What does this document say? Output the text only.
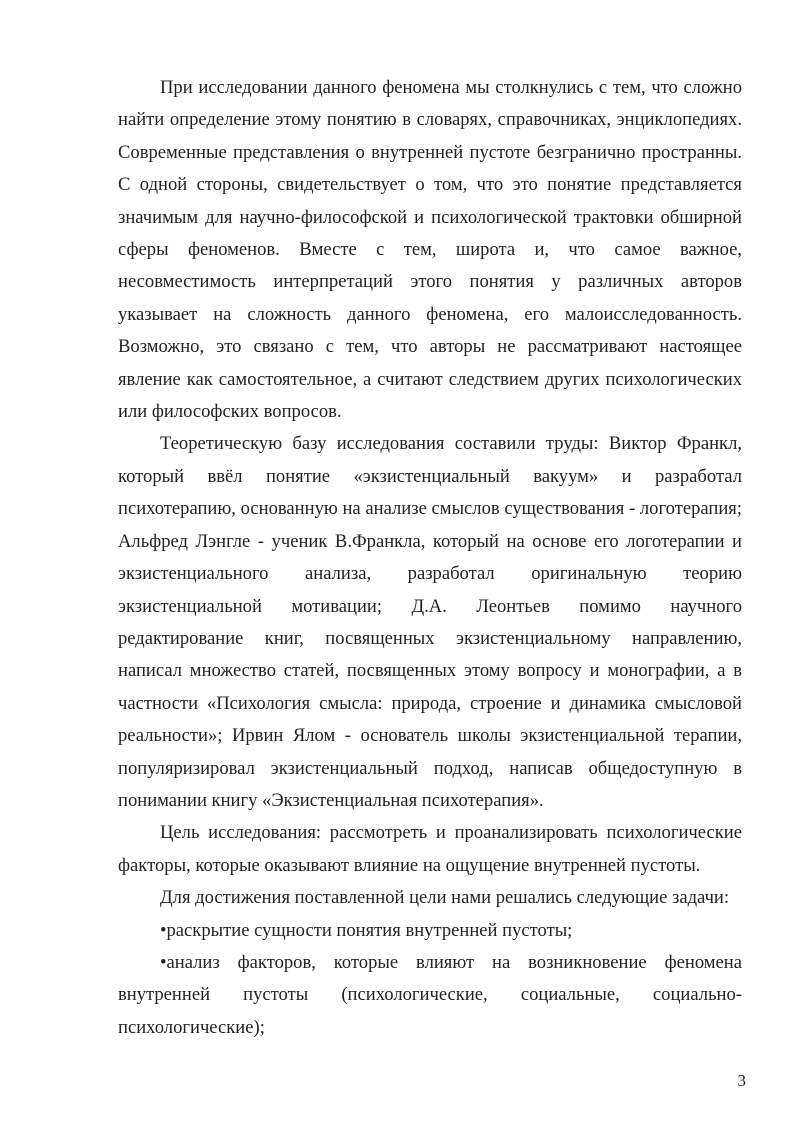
При исследовании данного феномена мы столкнулись с тем, что сложно найти определение этому понятию в словарях, справочниках, энциклопедиях. Современные представления о внутренней пустоте безгранично пространны. С одной стороны, свидетельствует о том, что это понятие представляется значимым для научно-философской и психологической трактовки обширной сферы феноменов. Вместе с тем, широта и, что самое важное, несовместимость интерпретаций этого понятия у различных авторов указывает на сложность данного феномена, его малоисследованность. Возможно, это связано с тем, что авторы не рассматривают настоящее явление как самостоятельное, а считают следствием других психологических или философских вопросов.

Теоретическую базу исследования составили труды: Виктор Франкл, который ввёл понятие «экзистенциальный вакуум» и разработал психотерапию, основанную на анализе смыслов существования - логотерапия; Альфред Лэнгле - ученик В.Франкла, который на основе его логотерапии и экзистенциального анализа, разработал оригинальную теорию экзистенциальной мотивации; Д.А. Леонтьев помимо научного редактирование книг, посвященных экзистенциальному направлению, написал множество статей, посвященных этому вопросу и монографии, а в частности «Психология смысла: природа, строение и динамика смысловой реальности»; Ирвин Ялом - основатель школы экзистенциальной терапии, популяризировал экзистенциальный подход, написав общедоступную в понимании книгу «Экзистенциальная психотерапия».

Цель исследования: рассмотреть и проанализировать психологические факторы, которые оказывают влияние на ощущение внутренней пустоты.

Для достижения поставленной цели нами решались следующие задачи:

•раскрытие сущности понятия внутренней пустоты;

•анализ факторов, которые влияют на возникновение феномена внутренней пустоты (психологические, социальные, социально-психологические);

3
